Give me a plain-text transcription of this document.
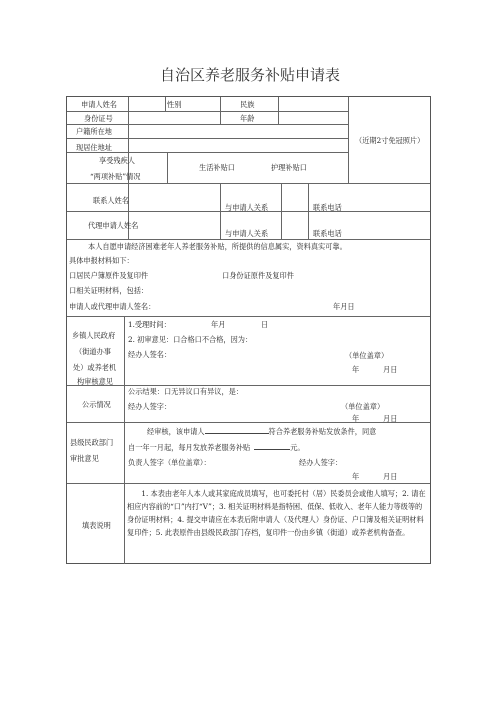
自治区养老服务补贴申请表
申请人姓名	性别	民族
（近期2寸免冠照片）
身份证号	年龄
户籍所在地
现居住地址
享受残疾人
“两项补贴”情况
生活补贴口	护理补贴口
联系人姓名
与申请人关系	联系电话
代理申请人姓名
与申请人关系	联系电话
本人自愿申请经济困难老年人养老服务补贴，所提供的信息属实，资料真实可靠。
具体申报材料如下：
口居民户簿原件及复印件	口身份证原件及复印件
口相关证明材料，包括：
申请人或代理申请人签名：	年月日
乡镇人民政府
（街道办事
处）或养老机
构审核意见
1.受理时间：	年月	日
2. 初审意见：口合格口不合格，因为：
经办人签名：	（单位盖章）
年	月日
公示情况
公示结果：口无异议口有异议，是：
经办人签字：	（单位盖章）
年	月日
县级民政部门
审批意见
经审核，该申请人	符合养老服务补贴发放条件，同意
自一年一月起，每月发放养老服务补贴	元。
负责人签字（单位盖章）：	经办人签字：
年	月日
填表说明
1. 本表由老年人本人或其家庭成员填写，也可委托村（居）民委员会或他人填写；2. 请在相应内容前的“口”内打“V”；3. 相关证明材料是指特困、低保、低收入、老年人能力等级等的身份证明材料；4. 提交申请应在本表后附申请人（及代理人）身份证、户口簿及相关证明材料复印件；5. 此表原件由县级民政部门存档，复印件一份由乡镇（街道）或养老机构备查。
